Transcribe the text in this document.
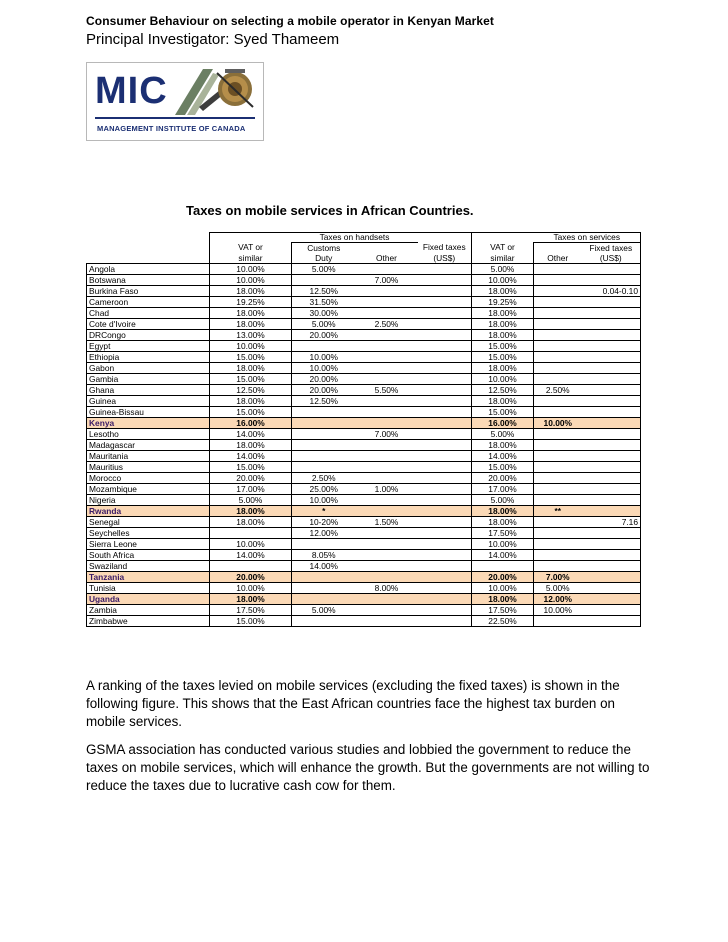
Consumer Behaviour on selecting a mobile operator in Kenyan Market
Principal Investigator: Syed Thameem
MIC
MANAGEMENT INSTITUTE OF CANADA
Taxes on mobile services in African Countries.
		Taxes on handsets				Taxes on services	
	VAT or	Customs		Fixed taxes	VAT or		Fixed taxes
	similar	Duty	Other	(US$)	similar	Other	(US$)
Angola	10.00%	5.00%			5.00%		
Botswana	10.00%		7.00%		10.00%		
Burkina Faso	18.00%	12.50%			18.00%		0.04-0.10
Cameroon	19.25%	31.50%			19.25%		
Chad	18.00%	30.00%			18.00%		
Cote d'Ivoire	18.00%	5.00%	2.50%		18.00%		
DRCongo	13.00%	20.00%			18.00%		
Egypt	10.00%				15.00%		
Ethiopia	15.00%	10.00%			15.00%		
Gabon	18.00%	10.00%			18.00%		
Gambia	15.00%	20.00%			10.00%		
Ghana	12.50%	20.00%	5.50%		12.50%	2.50%	
Guinea	18.00%	12.50%			18.00%		
Guinea-Bissau	15.00%				15.00%		
Kenya	16.00%				16.00%	10.00%	
Lesotho	14.00%		7.00%		5.00%		
Madagascar	18.00%				18.00%		
Mauritania	14.00%				14.00%		
Mauritius	15.00%				15.00%		
Morocco	20.00%	2.50%			20.00%		
Mozambique	17.00%	25.00%	1.00%		17.00%		
Nigeria	5.00%	10.00%			5.00%		
Rwanda	18.00%	*			18.00%	**	
Senegal	18.00%	10-20%	1.50%		18.00%		7.16
Seychelles		12.00%			17.50%		
Sierra Leone	10.00%				10.00%		
South Africa	14.00%	8.05%			14.00%		
Swaziland		14.00%					
Tanzania	20.00%				20.00%	7.00%	
Tunisia	10.00%		8.00%		10.00%	5.00%	
Uganda	18.00%				18.00%	12.00%	
Zambia	17.50%	5.00%			17.50%	10.00%	
Zimbabwe	15.00%				22.50%		

A ranking of the taxes levied on mobile services (excluding the fixed taxes) is shown in the following figure. This shows that the East African countries face the highest tax burden on mobile services.

GSMA association has conducted various studies and lobbied the government to reduce the taxes on mobile services, which will enhance the growth. But the governments are not willing to reduce the taxes due to lucrative cash cow for them.
